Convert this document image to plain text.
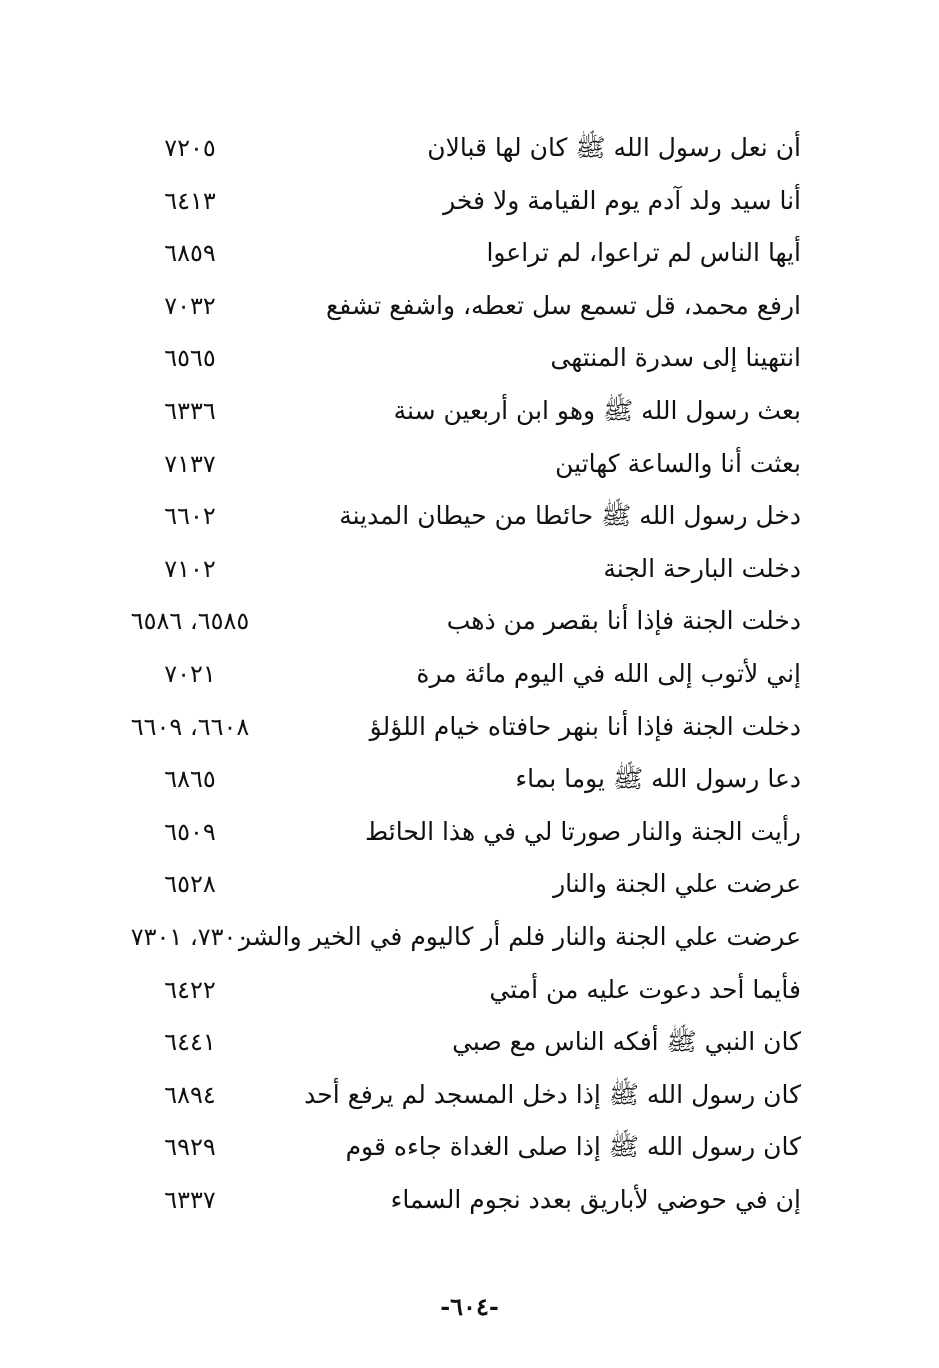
أن نعل رسول الله ﷺ كان لها قبالان
٧٢٠٥
أنا سيد ولد آدم يوم القيامة ولا فخر
٦٤١٣
أيها الناس لم تراعوا، لم تراعوا
٦٨٥٩
ارفع محمد، قل تسمع سل تعطه، واشفع تشفع
٧٠٣٢
انتهينا إلى سدرة المنتهى
٦٥٦٥
بعث رسول الله ﷺ وهو ابن أربعين سنة
٦٣٣٦
بعثت أنا والساعة كهاتين
٧١٣٧
دخل رسول الله ﷺ حائطا من حيطان المدينة
٦٦٠٢
دخلت البارحة الجنة
٧١٠٢
دخلت الجنة فإذا أنا بقصر من ذهب
٦٥٨٥، ٦٥٨٦
إني لأتوب إلى الله في اليوم مائة مرة
٧٠٢١
دخلت الجنة فإذا أنا بنهر حافتاه خيام اللؤلؤ
٦٦٠٨، ٦٦٠٩
دعا رسول الله ﷺ يوما بماء
٦٨٦٥
رأيت الجنة والنار صورتا لي في هذا الحائط
٦٥٠٩
عرضت علي الجنة والنار
٦٥٢٨
عرضت علي الجنة والنار فلم أر كاليوم في الخير والشر
٧٣٠٠، ٧٣٠١
فأيما أحد دعوت عليه من أمتي
٦٤٢٢
كان النبي ﷺ أفكه الناس مع صبي
٦٤٤١
كان رسول الله ﷺ إذا دخل المسجد لم يرفع أحد
٦٨٩٤
كان رسول الله ﷺ إذا صلى الغداة جاءه قوم
٦٩٢٩
إن في حوضي لأباريق بعدد نجوم السماء
٦٣٣٧
-٦٠٤-
